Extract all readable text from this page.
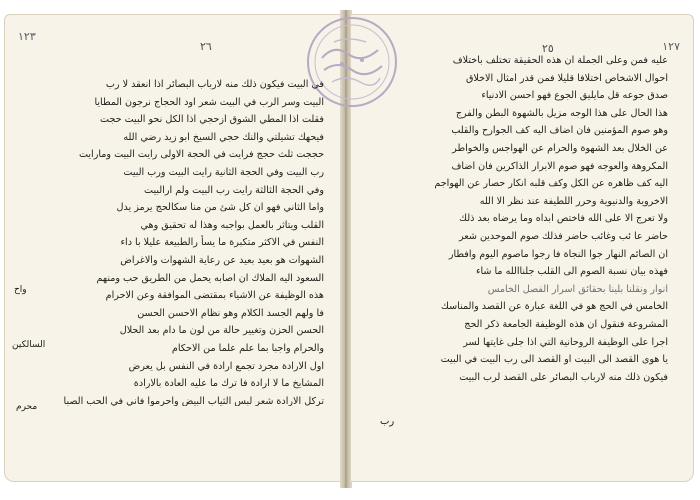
١٢٣
٢٦	١٢٧
٢٥
في البيت فيكون ذلك منه لارباب البصائر اذا انعقد لا رب
البيت وسر الرب في البيت شعر اود الحجاج نرجون المطايا
فقلت اذا المطي الشوق ازحجي اذا الكل نحو البيت حجت
فيحهك تشيلتي والنك حجي السيخ ابو زيد رضي الله
حججت ثلث حجج فرايت في الحجة الاولى رايت البيت ومارايت
رب البيت وفي الحجة الثانية رايت البيت ورب البيت
وفي الحجة الثالثة رايت رب البيت ولم ارالبيت
واما الثاني فهو ان كل شئ من منا سكالحج يرمز يدل
القلب ويتاثر بالعمل بواجبه وهذا له تحقيق وهي
النفس في الاكثر متكبرة ما يسأ رالطبيعة عليلا با داء
الشهوات هو بعيد بعيد عن رعاية الشهوات والاغراض
السعود اليه الملاك ان اصابه يحمل من الطريق حب ومنهم
هذه الوظيفة عن الاشياء بمقتضى الموافقة وعن الاحرام
فا ولهم الجسد الكلام وهو نظام الاحسن الحسن
الحسن الحزن وتغيير حالة من لون ما دام بعد الحلال
والحرام واجبا بما علم علما من الاحكام
اول الارادة مجرد تجمع ارادة في النفس بل يعرض
المشايخ ما لا ارادة فا ترك ما عليه العادة بالارادة
تركل الارادة شعر لبس الثياب البيض واحرموا فاني في الحب الصبا
واح
السالكين
محرم
عليه فمن وعلى الجملة ان هذه الحقيقة تختلف باختلاف
احوال الاشخاص اختلافا قليلا فمن قدر امثال الاخلاق
صدق جوعه قل مايليق الجوع فهو احسن الادنياء
هذا الحال على هذا الوجه مزيل بالشهوة البطن والفرج
وهو صوم المؤمنين فان اضاف اليه كف الجوارح والقلب
عن الخلال بعد الشهوة والحرام عن الهواجس والخواطر
المكروهة والعوجه فهو صوم الابرار الذاكرين فان اضاف
اليه كف ظاهره عن الكل وكف قلبه انكار حصار عن الهواجم
الاخروية والدنيوية وحرر اللطيفة عند نظر الا الله
ولا تعرج الا على الله فاختص ابداه وما يرضاه بعد ذلك
حاضر عا ئب وغائب حاضر فذلك صوم الموحدين شعر
ان الصائم النهار جوا النجاة فا رجوا ماصوم اليوم وافطار
فهذه بيان نسبة الصوم الى القلب جلناالله ما شاء
انوار ونقلنا بلينا بحقائق اسرار الفصل الخامس
الخامس في الحج هو في اللغة عبارة عن القصد والمناسك
المشروعة فنقول ان هذه الوظيفة الجامعة ذكر الحج
اجرا على الوظيفة الروحانية التي اذا جلى غايتها لسر
يا هوى القصد الى البيت او القصد الى رب البيت في البيت
فيكون ذلك منه لارباب البصائر على القصد لرب البيت
رب
